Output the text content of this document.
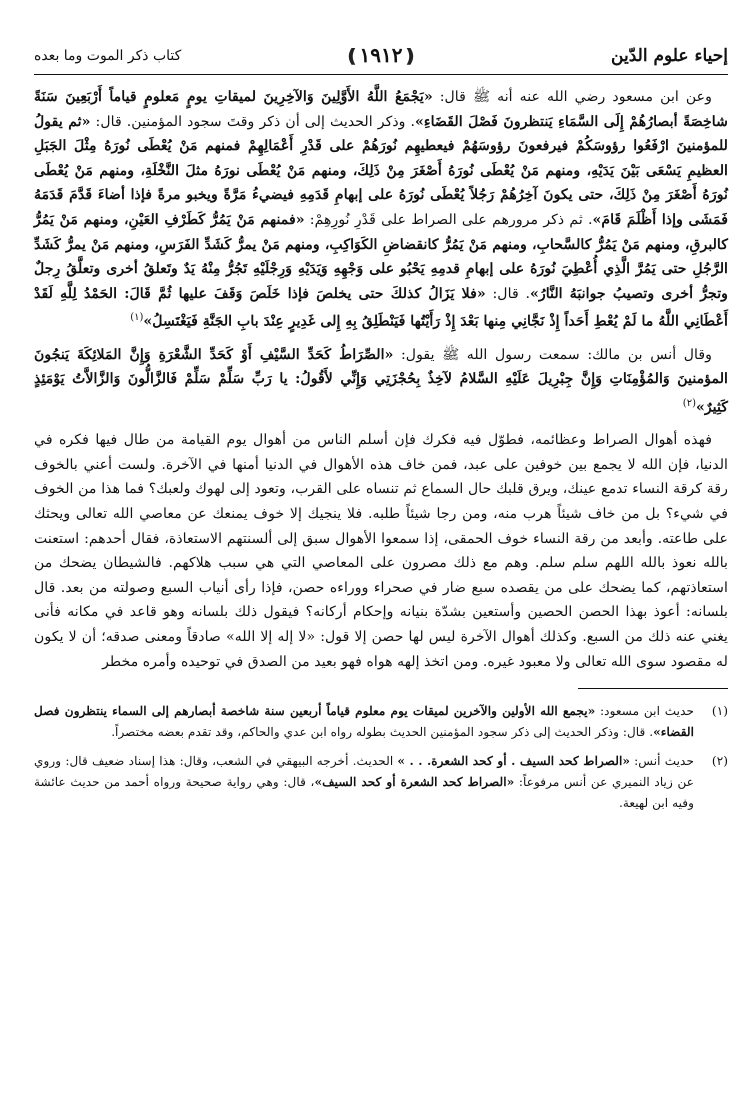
إحياء علوم الدّين
❪١٩١٢❫
كتاب ذكر الموت وما بعده

وعن ابن مسعود رضي الله عنه أنه ﷺ قال: «يَجْمَعُ اللَّهُ الأَوَّلِينَ وَالآخِرِينَ لميقاتِ يومٍ مَعلومٍ قياماً أَرْبَعِينَ سَنَةً شاخِصَةً أبصارُهُمْ إِلَى السَّمَاءِ يَنتظرونَ فَصْلَ القَضَاءِ». وذكر الحديث إلى أن ذكر وقتَ سجود المؤمنين. قال: «ثم يقولُ للمؤمنينَ ارْفَعُوا رؤوسَكُمْ فيرفعونَ رؤوسَهُمْ فيعطيهِم نُورَهُمْ على قَدْرِ أَعْمَالِهِمْ فمنهم مَنْ يُعْطَى نُورَهُ مِثْلَ الجَبَلِ العظيمِ يَسْعَى بَيْنَ يَدَيْهِ، ومنهم مَنْ يُعْطَى نُورَهُ أَصْغَرَ مِنْ ذَلِكَ، ومنهم مَنْ يُعْطَى نورَهُ مثلَ النَّخْلَةِ، ومنهم مَنْ يُعْطَى نُورَهُ أَصْغَرَ مِنْ ذَلِكَ، حتى يكونَ آخِرُهُمْ رَجُلاً يُعْطَى نُورَهُ على إبهامِ قَدَمِهِ فيضيءُ مَرَّةً ويخبو مرةً فإذا أضاءَ قَدَّمَ قَدَمَهُ فَمَشَى وإذا أَظْلَمَ قَامَ». ثم ذكر مرورهم على الصراط على قَدْرِ نُورِهِمْ: «فمنهم مَنْ يَمُرُّ كَطَرْفِ العَيْنِ، ومنهم مَنْ يَمُرُّ كالبرقِ، ومنهم مَنْ يَمُرُّ كالسَّحابِ، ومنهم مَنْ يَمُرُّ كانقضاضِ الكَوَاكِبِ، ومنهم مَنْ يمرُّ كَشَدِّ الفَرَسِ، ومنهم مَنْ يمرُّ كَشَدِّ الرَّجُلِ حتى يَمُرَّ الَّذِي أُعْطِيَ نُورَهُ على إبهامِ قدمِهِ يَحْبُو على وَجْهِهِ وَيَدَيْهِ وَرِجْلَيْهِ تَجُرُّ مِنْهُ يَدٌ وتَعلقُ أخرى وتعلَّقُ رِجلٌ وتجرُّ أخرى وتصيبُ جوانبَهُ النَّارُ». قال: «فلا يَزَالُ كذلكَ حتى يخلصَ فإذا خَلَصَ وَقَفَ عليها ثُمَّ قَالَ: الحَمْدُ لِلَّهِ لَقَدْ أَعْطَانِي اللَّهُ ما لَمْ يُعْطِ أَحَداً إِذْ نَجَّانِي مِنها بَعْدَ إِذْ رَأَيْتُها فَيَنْطَلِقُ بِهِ إِلى غَدِيرٍ عِنْدَ بابِ الجَنَّةِ فَيَغْتَسِلُ»$^{(١)}$

وقال أنس بن مالك: سمعت رسول الله ﷺ يقول: «الصِّرَاطُ كَحَدِّ السَّيْفِ أَوْ كَحَدِّ الشَّعْرَةِ وَإِنَّ المَلائِكَةَ يَنجُونَ المؤمنينَ وَالمُؤْمِنَاتِ وَإِنَّ جِبْرِيلَ عَلَيْهِ السَّلامُ لآخِذٌ بِحُجْزَتِي وَإِنِّي لأَقُولُ: يا رَبِّ سَلِّمْ سَلِّمْ فَالزَّالُّونَ وَالزَّالاَّتُ يَوْمَئِذٍ كَثِيرٌ»$^{(٢)}$

فهذه أهوال الصراط وعظائمه، فطوّل فيه فكرك فإن أسلم الناس من أهوال يوم القيامة من طال فيها فكره في الدنيا، فإن الله لا يجمع بين خوفين على عبد، فمن خاف هذه الأهوال في الدنيا أمنها في الآخرة. ولست أعني بالخوف رقة كرقة النساء تدمع عينك، ويرق قلبك حال السماع ثم تنساه على القرب، وتعود إلى لهوك ولعبك؟ فما هذا من الخوف في شيء؟ بل من خاف شيئاً هرب منه، ومن رجا شيئاً طلبه. فلا ينجيك إلا خوف يمنعك عن معاصي الله تعالى ويحثك على طاعته. وأبعد من رقة النساء خوف الحمقى، إذا سمعوا الأهوال سبق إلى ألسنتهم الاستعاذة، فقال أحدهم: استعنت بالله نعوذ بالله اللهم سلم سلم. وهم مع ذلك مصرون على المعاصي التي هي سبب هلاكهم. فالشيطان يضحك من استعاذتهم، كما يضحك على من يقصده سبع ضار في صحراء ووراءه حصن، فإذا رأى أنياب السبع وصولته من بعد. قال بلسانه: أعوذ بهذا الحصن الحصين وأستعين بشدّة بنيانه وإحكام أركانه؟ فيقول ذلك بلسانه وهو قاعد في مكانه فأنى يغني عنه ذلك من السبع. وكذلك أهوال الآخرة ليس لها حصن إلا قول: «لا إله إلا الله» صادقاً ومعنى صدقه؛ أن لا يكون له مقصود سوى الله تعالى ولا معبود غيره. ومن اتخذ إلهه هواه فهو بعيد من الصدق في توحيده وأمره مخطر

(١)
حديث ابن مسعود: «يجمع الله الأولين والآخرين لميقات يوم معلوم قياماً أربعين سنة شاخصة أبصارهم إلى السماء ينتظرون فصل القضاء». قال: وذكر الحديث إلى ذكر سجود المؤمنين الحديث بطوله رواه ابن عدي والحاكم، وقد تقدم بعضه مختصراً.
(٢)
حديث أنس: «الصراط كحد السيف . أو كحد الشعرة. . . » الحديث. أخرجه البيهقي في الشعب، وقال: هذا إسناد ضعيف قال: وروي عن زياد النميري عن أنس مرفوعاً: «الصراط كحد الشعرة أو كحد السيف»، قال: وهي رواية صحيحة ورواه أحمد من حديث عائشة وفيه ابن لهيعة.
